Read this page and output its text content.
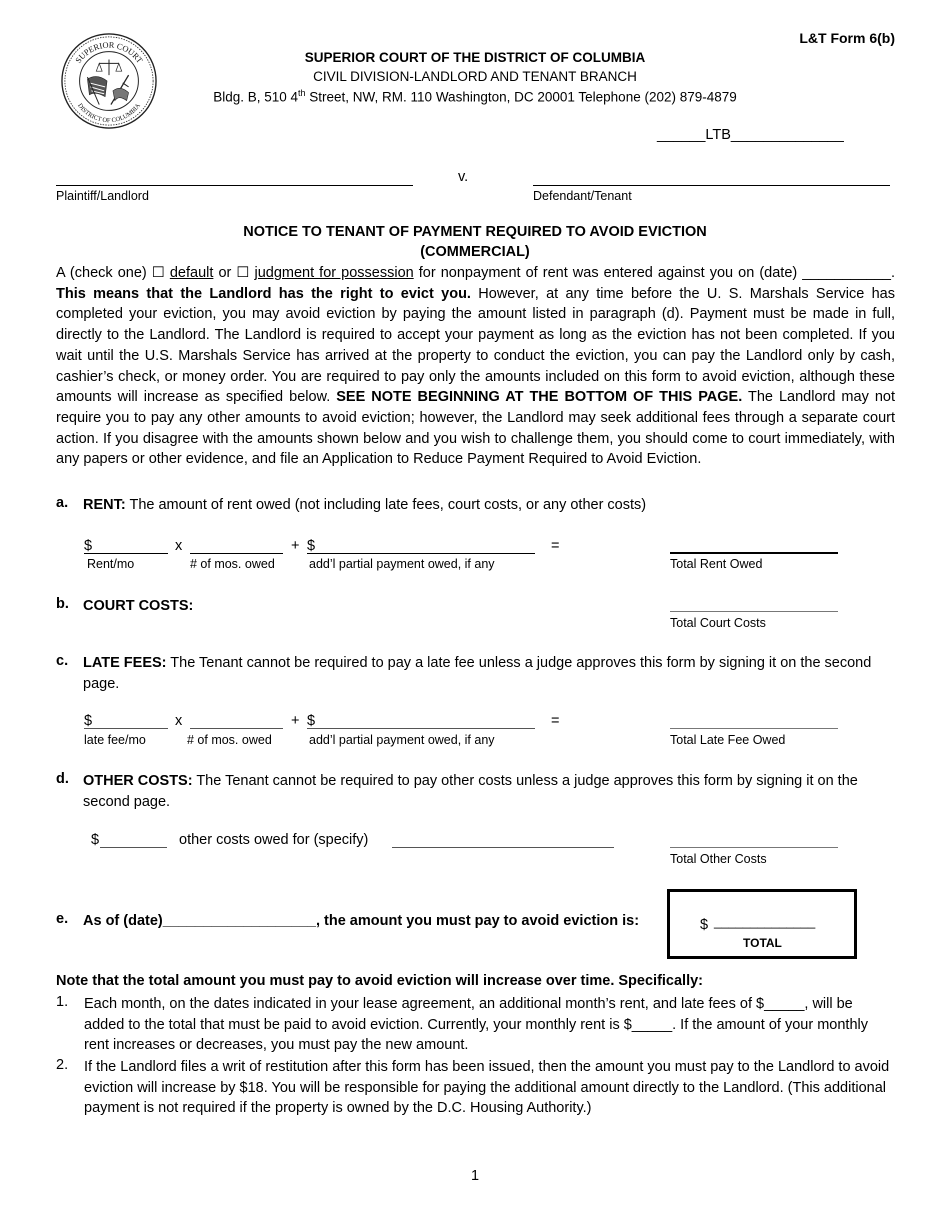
L&T Form 6(b)
SUPERIOR COURT
DISTRICT OF COLUMBIA
SUPERIOR COURT OF THE DISTRICT OF COLUMBIA
CIVIL DIVISION-LANDLORD AND TENANT BRANCH
Bldg. B, 510 4th Street, NW, RM. 110 Washington, DC 20001 Telephone (202) 879-4879
______LTB______________
v.
Plaintiff/Landlord	Defendant/Tenant
NOTICE TO TENANT OF PAYMENT REQUIRED TO AVOID EVICTION
(COMMERCIAL)
A (check one) ☐ default or ☐ judgment for possession for nonpayment of rent was entered against you on (date) ___________. This means that the Landlord has the right to evict you. However, at any time before the U. S. Marshals Service has completed your eviction, you may avoid eviction by paying the amount listed in paragraph (d). Payment must be made in full, directly to the Landlord. The Landlord is required to accept your payment as long as the eviction has not been completed. If you wait until the U.S. Marshals Service has arrived at the property to conduct the eviction, you can pay the Landlord only by cash, cashier’s check, or money order. You are required to pay only the amounts included on this form to avoid eviction, although these amounts will increase as specified below. SEE NOTE BEGINNING AT THE BOTTOM OF THIS PAGE. The Landlord may not require you to pay any other amounts to avoid eviction; however, the Landlord may seek additional fees through a separate court action. If you disagree with the amounts shown below and you wish to challenge them, you should come to court immediately, with any papers or other evidence, and file an Application to Reduce Payment Required to Avoid Eviction.
a. RENT: The amount of rent owed (not including late fees, court costs, or any other costs)
$	x	+ $	=
Rent/mo	# of mos. owed	add’l partial payment owed, if any	Total Rent Owed
b. COURT COSTS:
Total Court Costs
c. LATE FEES: The Tenant cannot be required to pay a late fee unless a judge approves this form by signing it on the second page.
$	x	+ $	=
late fee/mo	# of mos. owed	add’l partial payment owed, if any	Total Late Fee Owed
d. OTHER COSTS: The Tenant cannot be required to pay other costs unless a judge approves this form by signing it on the second page.
$	other costs owed for (specify)
Total Other Costs
e. As of (date)___________________, the amount you must pay to avoid eviction is:	$ ______________
TOTAL
Note that the total amount you must pay to avoid eviction will increase over time. Specifically:
1. Each month, on the dates indicated in your lease agreement, an additional month’s rent, and late fees of $_____, will be added to the total that must be paid to avoid eviction. Currently, your monthly rent is $_____. If the amount of your monthly rent increases or decreases, you must pay the new amount.
2. If the Landlord files a writ of restitution after this form has been issued, then the amount you must pay to the Landlord to avoid eviction will increase by $18. You will be responsible for paying the additional amount directly to the Landlord. (This additional payment is not required if the property is owned by the D.C. Housing Authority.)
1
